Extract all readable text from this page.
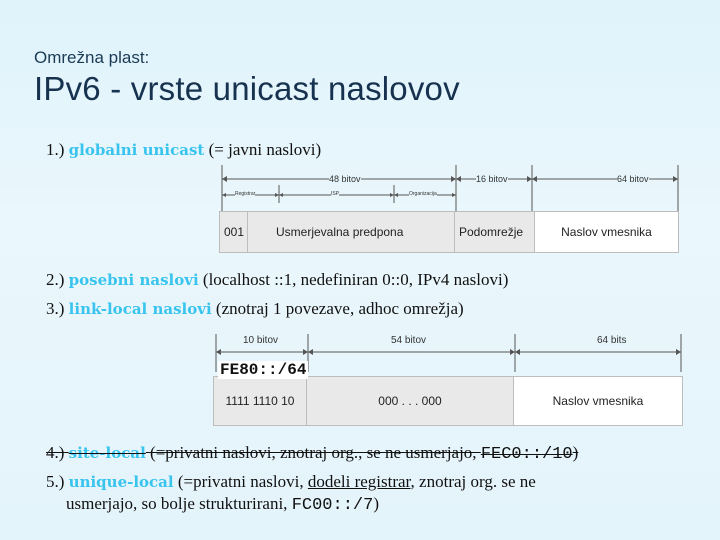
Omrežna plast:
IPv6 - vrste unicast naslovov
1.) globalni unicast (= javni naslovi)
48 bitov	16 bitov	64 bitov
Registrar	ISP	Organizacija
001	Usmerjevalna predpona	Podomrežje	Naslov vmesnika
2.) posebni naslovi (localhost ::1, nedefiniran 0::0, IPv4 naslovi)
3.) link-local naslovi (znotraj 1 povezave, adhoc omrežja)
10 bitov	54 bitov	64 bits
1111 1110 10	000 . . . 000	Naslov vmesnika
FE80::/64
4.) site-local (=privatni naslovi, znotraj org., se ne usmerjajo, FEC0::/10)
5.) unique-local (=privatni naslovi, dodeli registrar, znotraj org. se ne
usmerjajo, so bolje strukturirani, FC00::/7)
